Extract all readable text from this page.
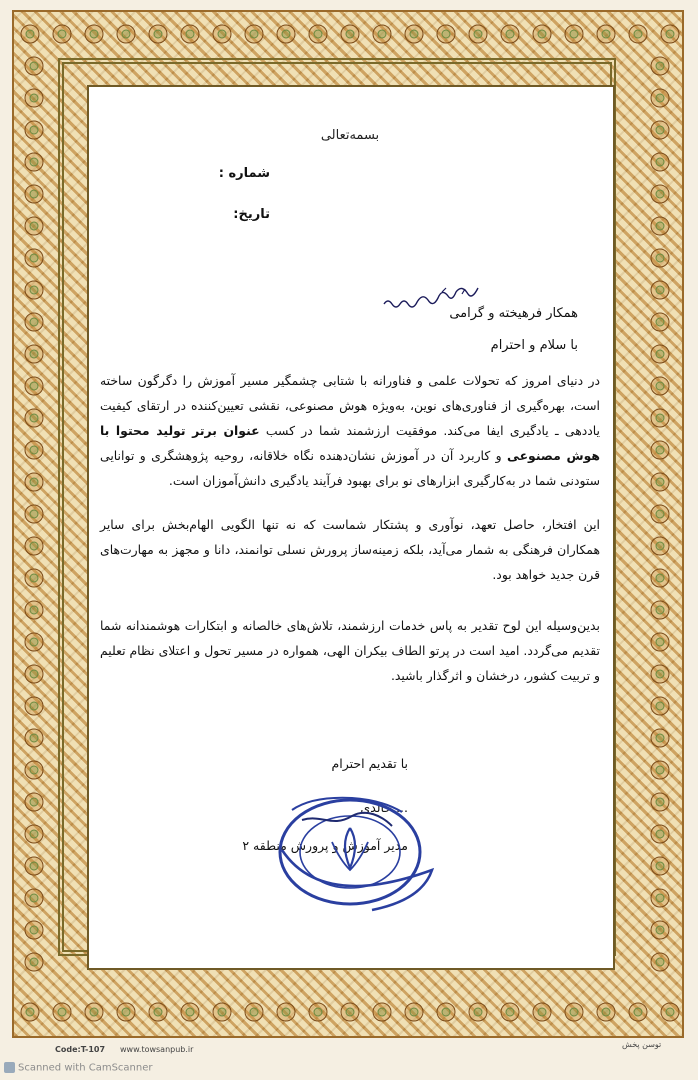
بسمه‌تعالی
شماره :
تاریخ:
همکار فرهیخته و گرامی
با سلام و احترام
در دنیای امروز که تحولات علمی و فناورانه با شتابی چشمگیر مسیر آموزش را دگرگون ساخته است، بهره‌گیری از فناوری‌های نوین، به‌ویژه هوش مصنوعی، نقشی تعیین‌کننده در ارتقای کیفیت یاددهی ـ یادگیری ایفا می‌کند. موفقیت ارزشمند شما در کسب عنوان برتر تولید محتوا با هوش مصنوعی و کاربرد آن در آموزش نشان‌دهنده نگاه خلاقانه، روحیه پژوهشگری و توانایی ستودنی شما در به‌کارگیری ابزارهای نو برای بهبود فرآیند یادگیری دانش‌آموزان است.
این افتخار، حاصل تعهد، نوآوری و پشتکار شماست که نه تنها الگویی الهام‌بخش برای سایر همکاران فرهنگی به شمار می‌آید، بلکه زمینه‌ساز پرورش نسلی توانمند، دانا و مجهز به مهارت‌های قرن جدید خواهد بود.
بدین‌وسیله این لوح تقدیر به پاس خدمات ارزشمند، تلاش‌های خالصانه و ابتکارات هوشمندانه شما تقدیم می‌گردد. امید است در پرتو الطاف بیکران الهی، همواره در مسیر تحول و اعتلای نظام تعلیم و تربیت کشور، درخشان و اثرگذار باشید.
با تقدیم احترام
... خالدی
مدیر آموزش و پرورش منطقه ۲
Code:T-107 www.towsanpub.ir
توسن پخش
Scanned with CamScanner
